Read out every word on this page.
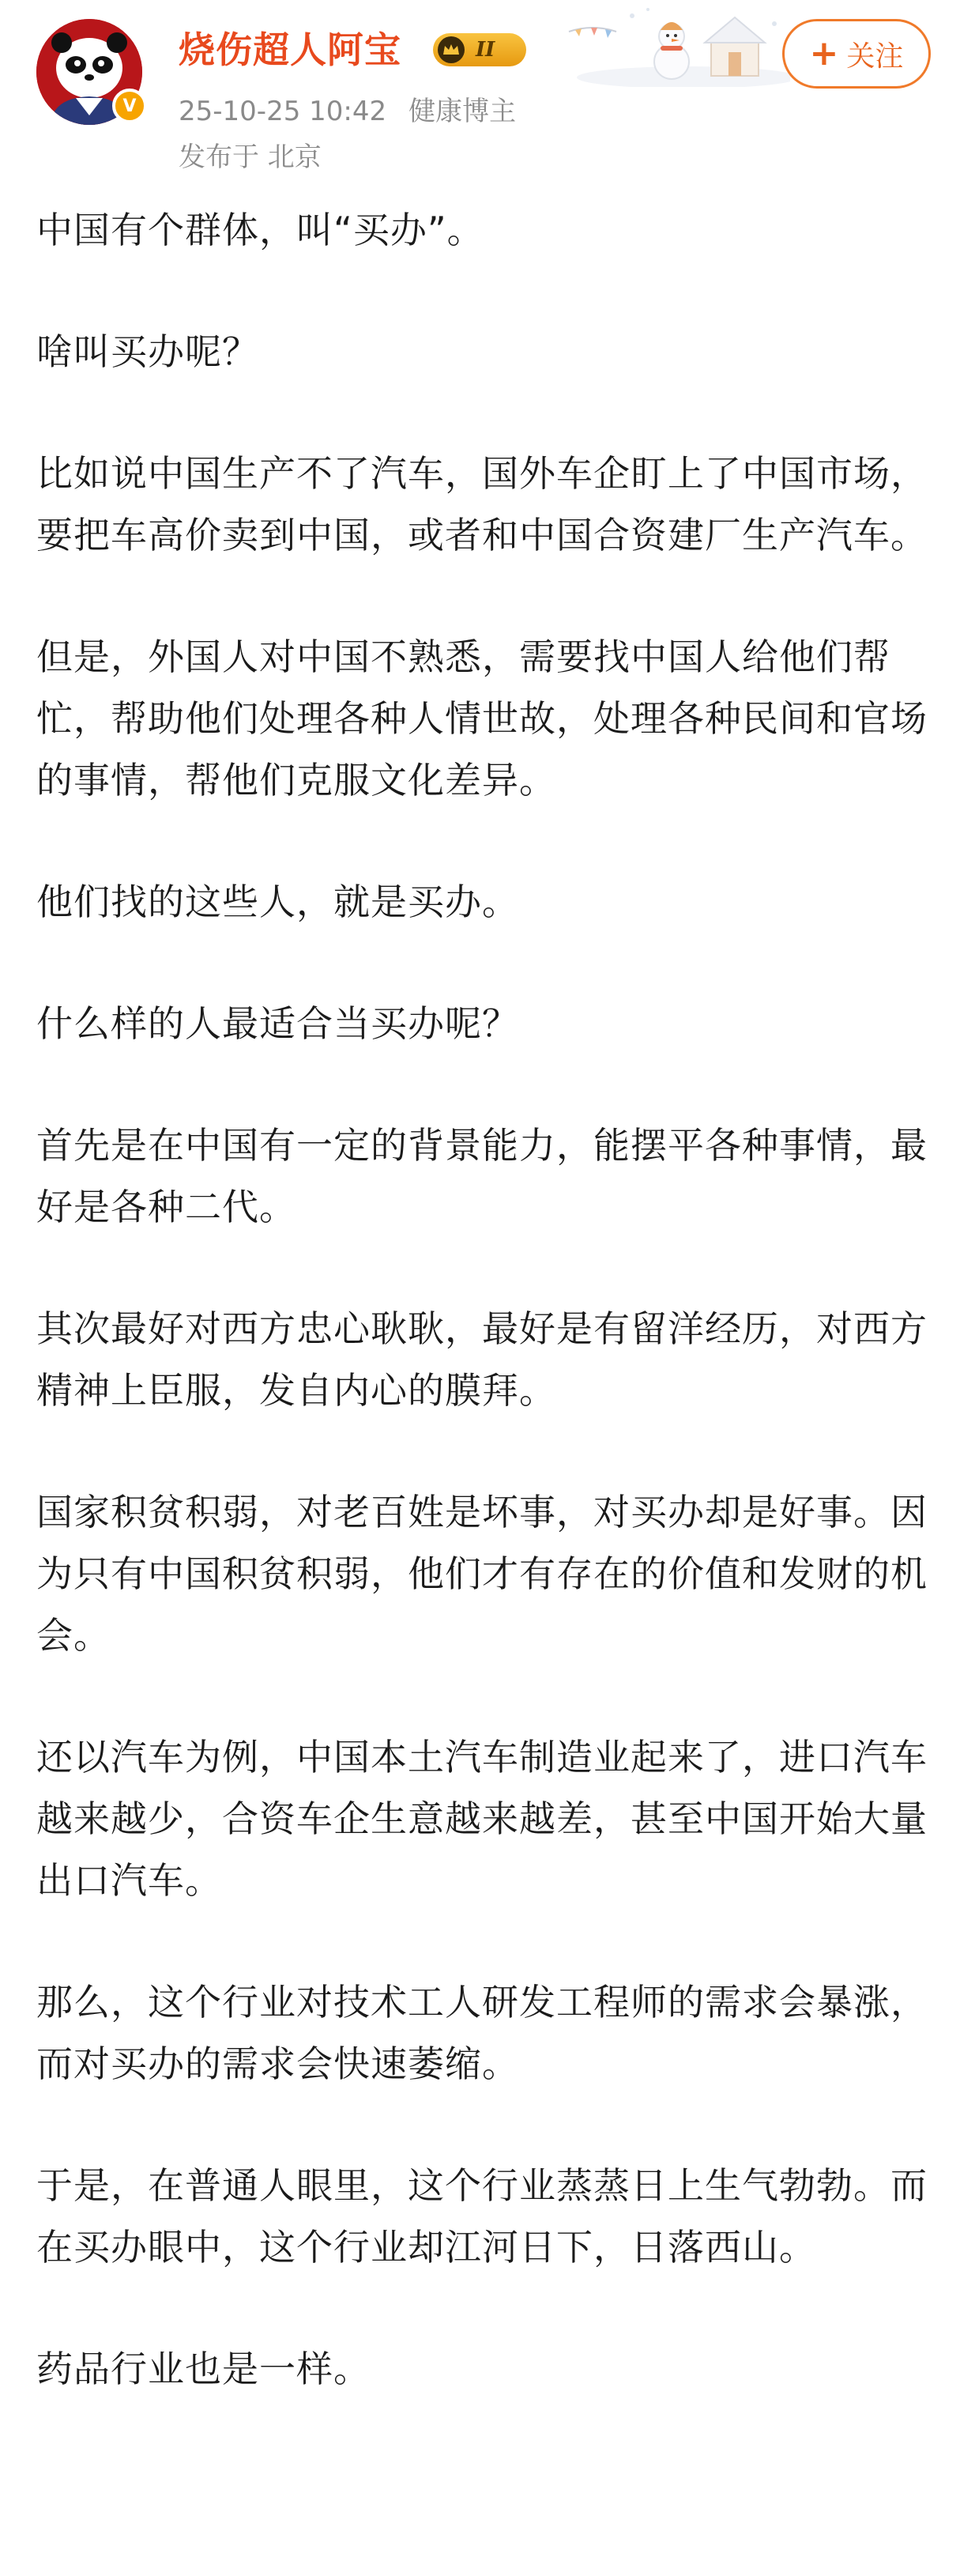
V
烧伤超人阿宝	II	+ 关注
25-10-25 10:42 健康博主
发布于 北京

中国有个群体，叫“买办”。

啥叫买办呢？

比如说中国生产不了汽车，国外车企盯上了中国市场，要把车高价卖到中国，或者和中国合资建厂生产汽车。

但是，外国人对中国不熟悉，需要找中国人给他们帮忙，帮助他们处理各种人情世故，处理各种民间和官场的事情，帮他们克服文化差异。

他们找的这些人，就是买办。

什么样的人最适合当买办呢？

首先是在中国有一定的背景能力，能摆平各种事情，最好是各种二代。

其次最好对西方忠心耿耿，最好是有留洋经历，对西方精神上臣服，发自内心的膜拜。

国家积贫积弱，对老百姓是坏事，对买办却是好事。因为只有中国积贫积弱，他们才有存在的价值和发财的机会。

还以汽车为例，中国本土汽车制造业起来了，进口汽车越来越少，合资车企生意越来越差，甚至中国开始大量出口汽车。

那么，这个行业对技术工人研发工程师的需求会暴涨，而对买办的需求会快速萎缩。

于是，在普通人眼里，这个行业蒸蒸日上生气勃勃。而在买办眼中，这个行业却江河日下，日落西山。

药品行业也是一样。
